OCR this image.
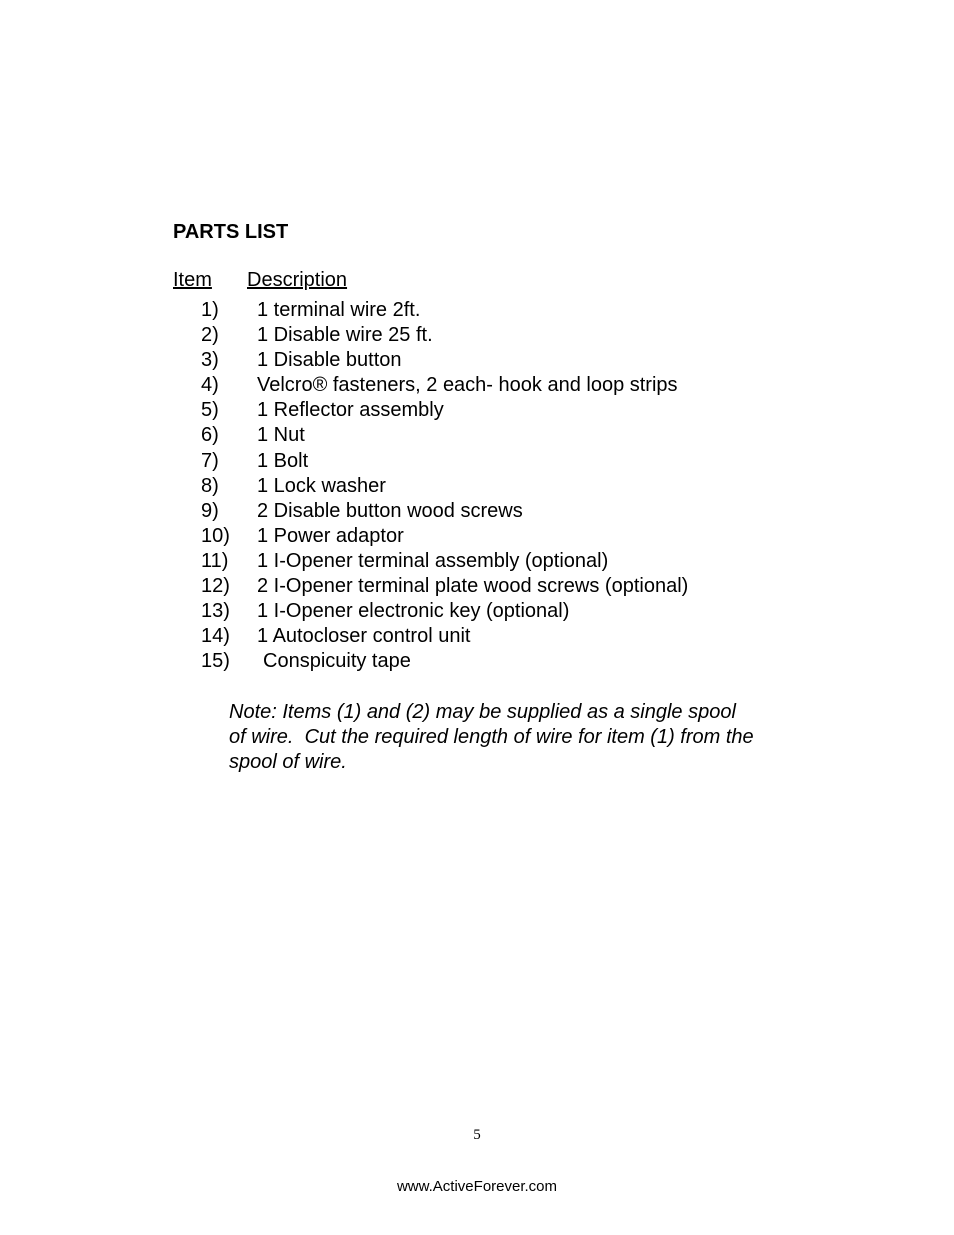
PARTS LIST
Item Description
1) 1 terminal wire 2ft.
2) 1 Disable wire 25 ft.
3) 1 Disable button
4) Velcro® fasteners, 2 each- hook and loop strips
5) 1 Reflector assembly
6) 1 Nut
7) 1 Bolt
8) 1 Lock washer
9) 2 Disable button wood screws
10) 1 Power adaptor
11) 1 I-Opener terminal assembly (optional)
12) 2 I-Opener terminal plate wood screws (optional)
13) 1 I-Opener electronic key (optional)
14) 1 Autocloser control unit
15) Conspicuity tape

Note: Items (1) and (2) may be supplied as a single spool
of wire.  Cut the required length of wire for item (1) from the
spool of wire.

5
www.ActiveForever.com
